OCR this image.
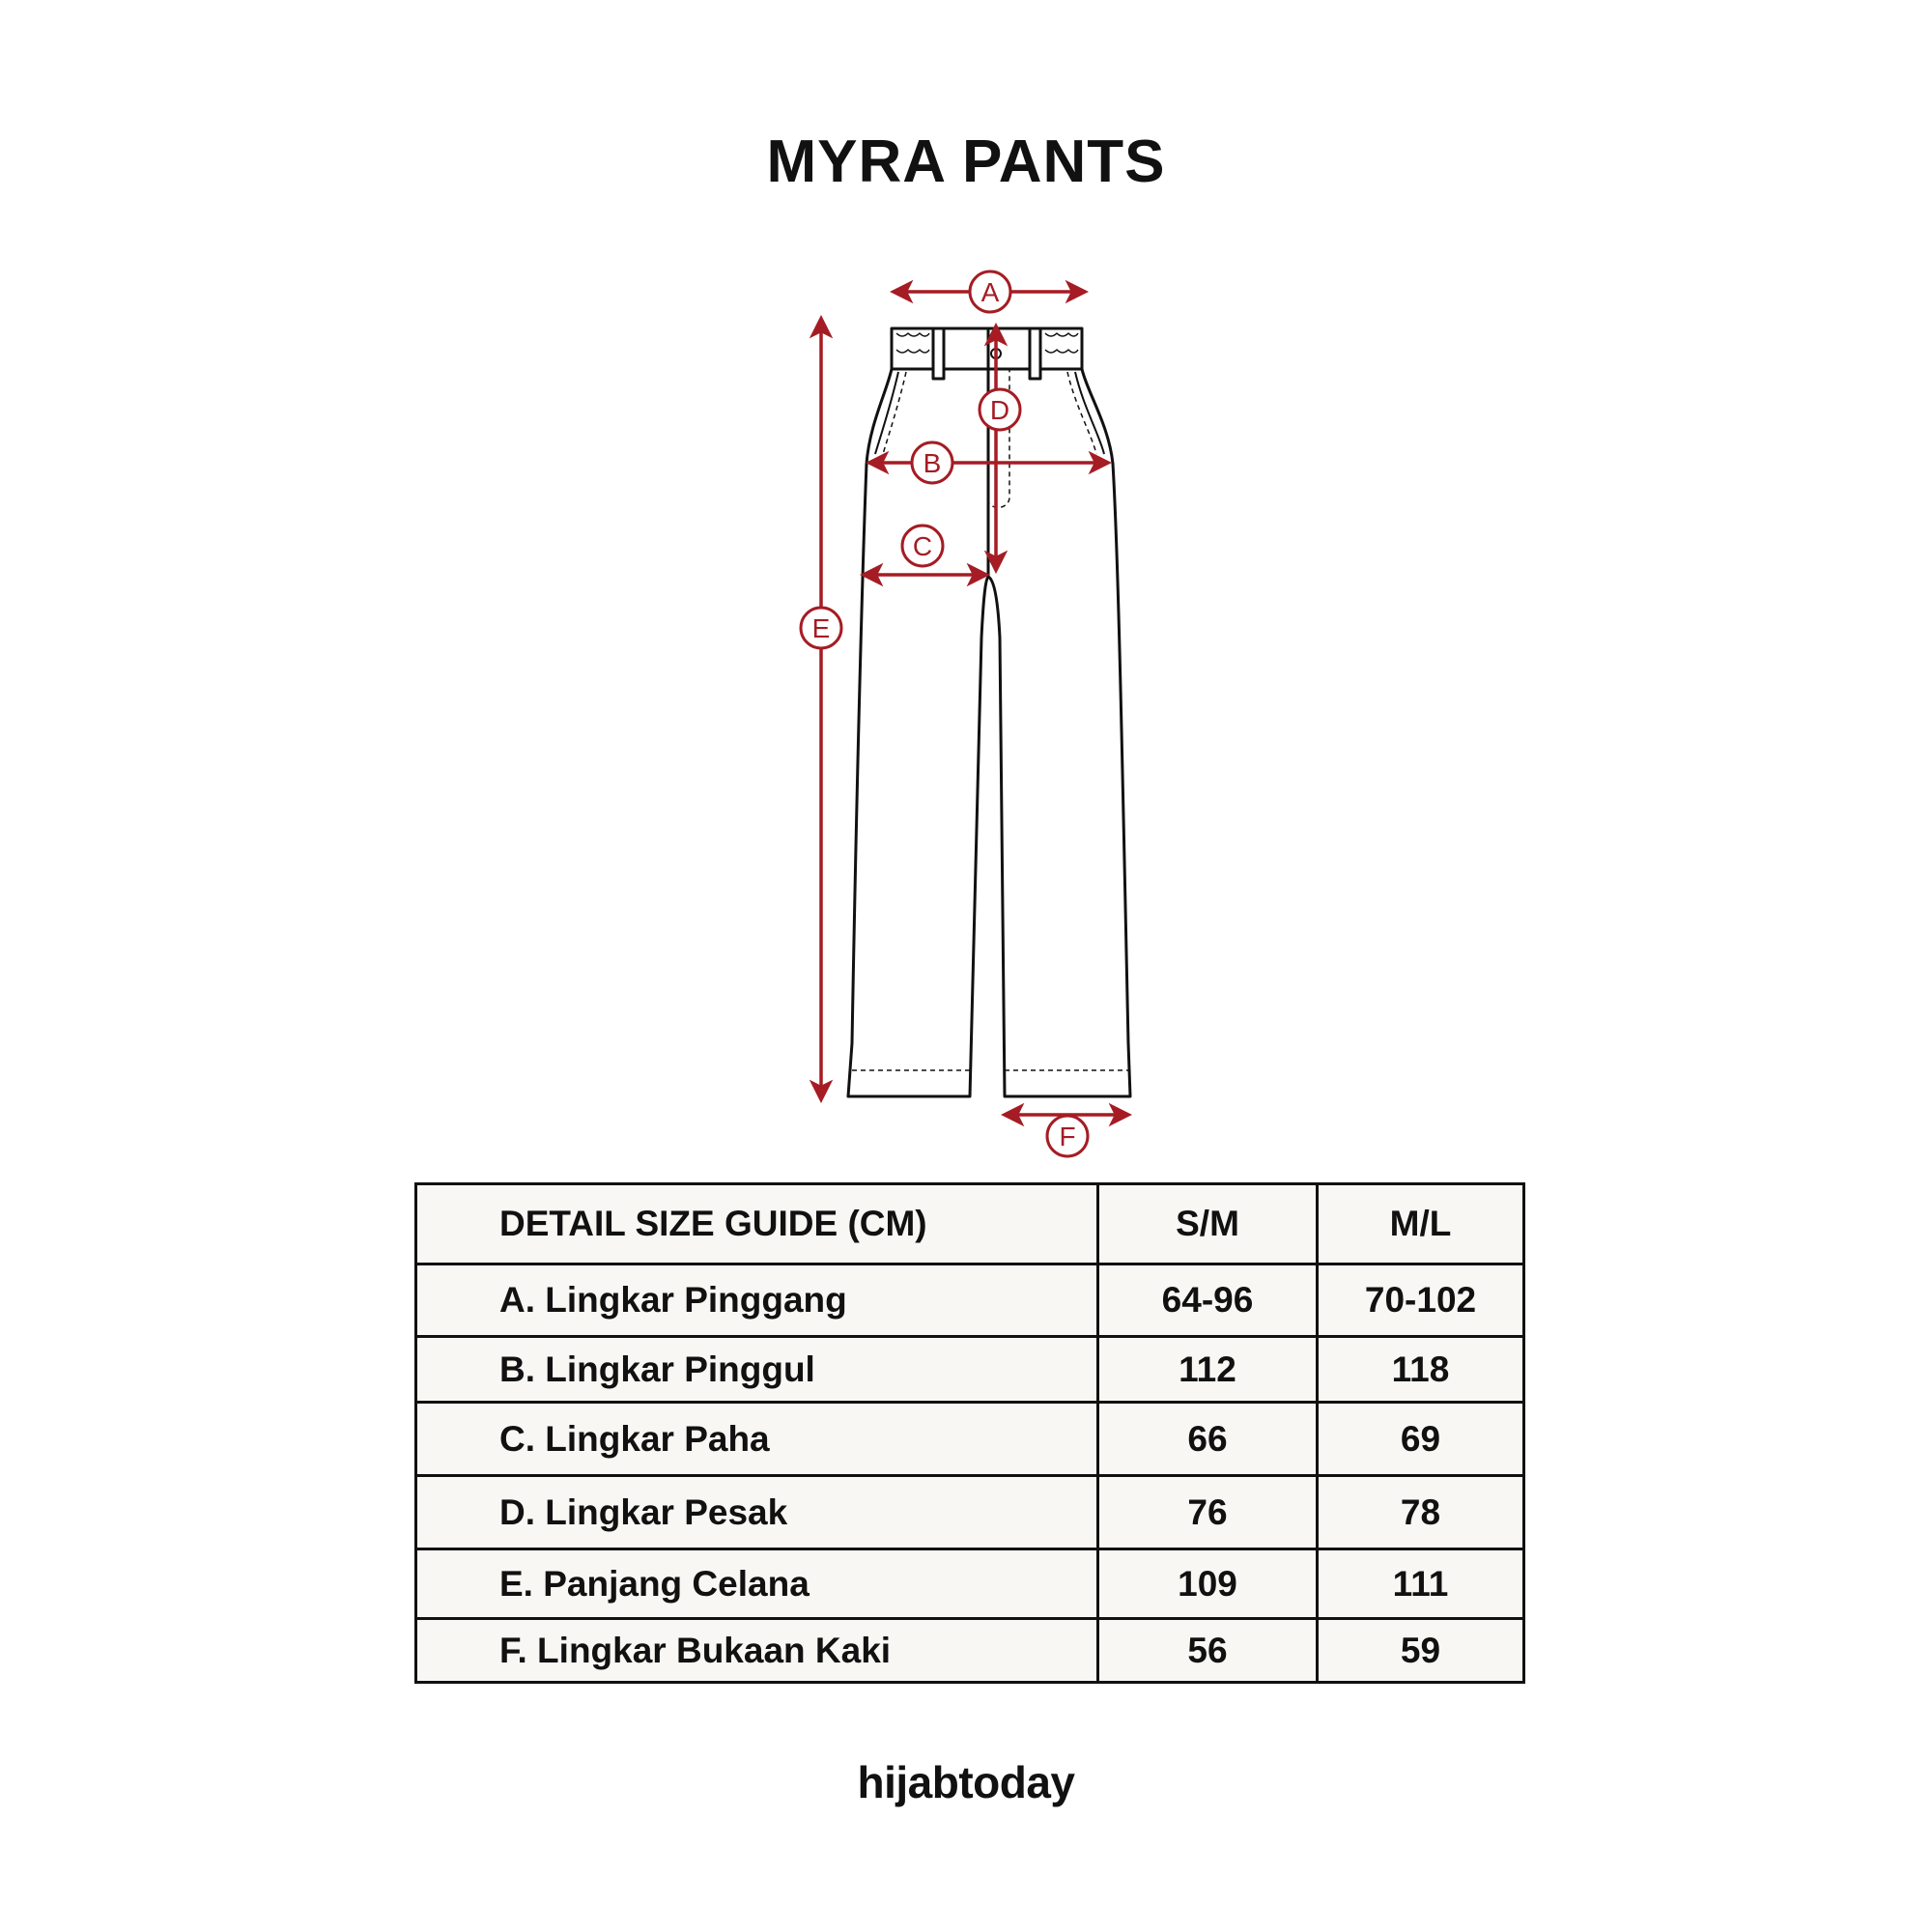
MYRA PANTS
A
B
C
D
E
F
DETAIL SIZE GUIDE (CM)	S/M	M/L
A. Lingkar Pinggang	64-96	70-102
B. Lingkar Pinggul	112	118
C. Lingkar Paha	66	69
D. Lingkar Pesak	76	78
E. Panjang Celana	109	111
F. Lingkar Bukaan Kaki	56	59
hijabtoday
